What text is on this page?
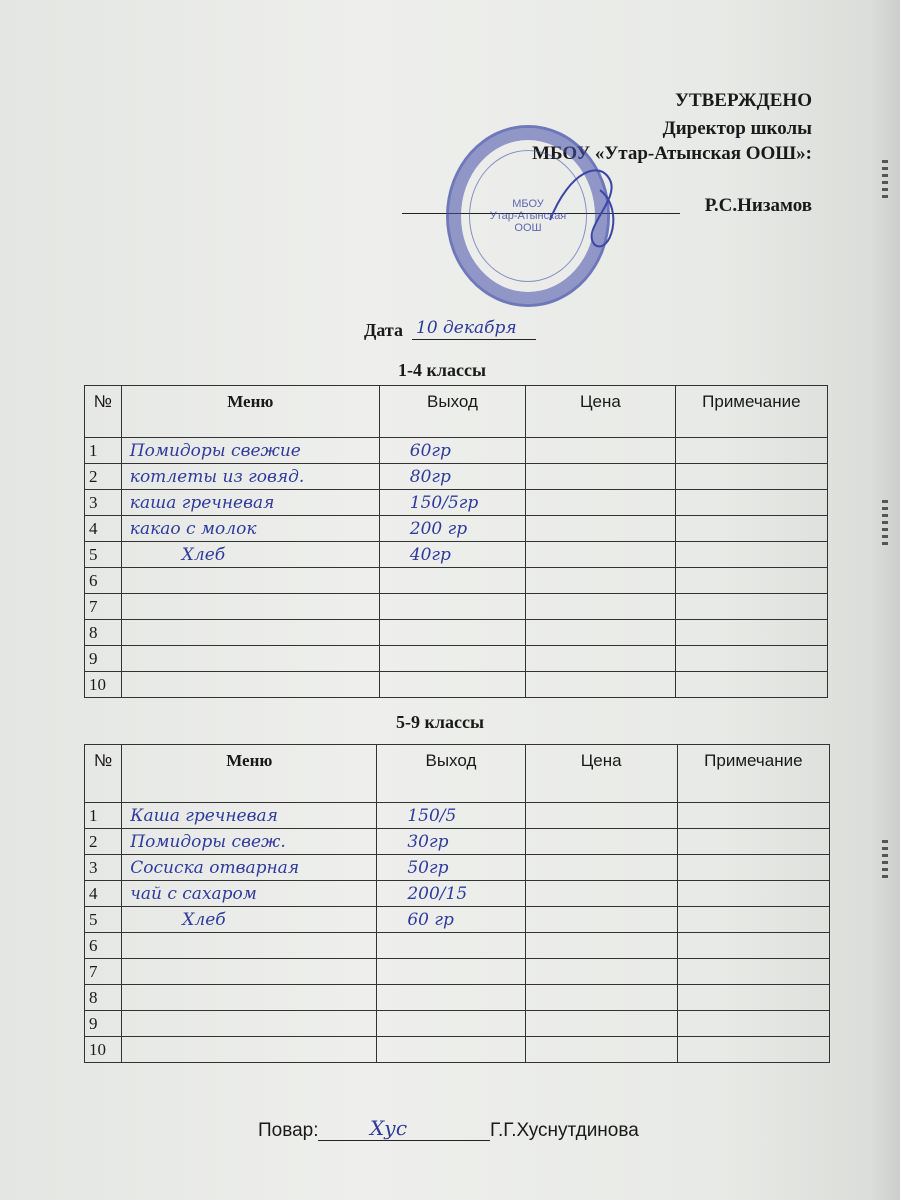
УТВЕРЖДЕНО
Директор школы
МБОУ «Утар-Атынская ООШ»:
Р.С.Низамов
МБОУ
Утар-Атынская
ООШ
Дата 10 декабря
1-4 классы
№	Меню	Выход	Цена	Примечание
1	Помидоры свежие	60гр		
2	котлеты из говяд.	80гр		
3	каша гречневая	150/5гр		
4	какао с молок	200 гр		
5	Хлеб	40гр		
6				
7				
8				
9				
10				
5-9 классы
№	Меню	Выход	Цена	Примечание
1	Каша гречневая	150/5		
2	Помидоры свеж.	30гр		
3	Сосиска отварная	50гр		
4	чай с сахаром	200/15		
5	Хлеб	60 гр		
6				
7				
8				
9				
10				
Повар:	Хус	Г.Г.Хуснутдинова
